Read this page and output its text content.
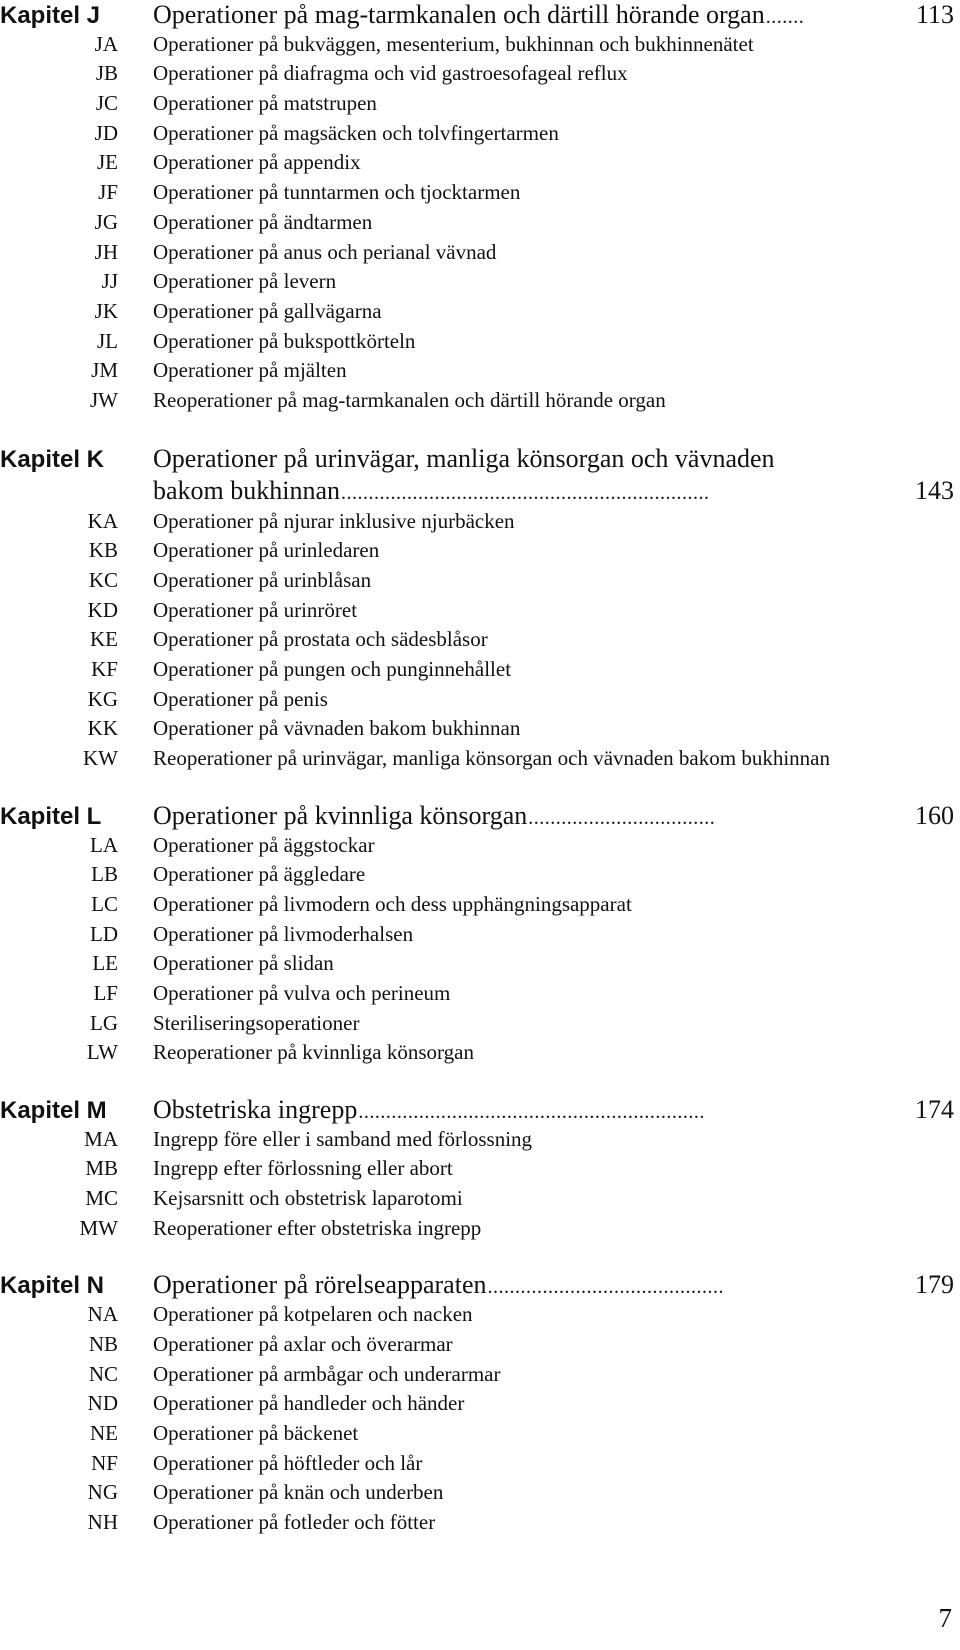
Kapitel J	Operationer på mag-tarmkanalen och därtill hörande organ .......	113
JA	Operationer på bukväggen, mesenterium, bukhinnan och bukhinnenätet
JB	Operationer på diafragma och vid gastroesofageal reflux
JC	Operationer på matstrupen
JD	Operationer på magsäcken och tolvfingertarmen
JE	Operationer på appendix
JF	Operationer på tunntarmen och tjocktarmen
JG	Operationer på ändtarmen
JH	Operationer på anus och perianal vävnad
JJ	Operationer på levern
JK	Operationer på gallvägarna
JL	Operationer på bukspottkörteln
JM	Operationer på mjälten
JW	Reoperationer på mag-tarmkanalen och därtill hörande organ
Kapitel K	Operationer på urinvägar, manliga könsorgan och vävnaden
bakom bukhinnan ...................................................................	143
KA	Operationer på njurar inklusive njurbäcken
KB	Operationer på urinledaren
KC	Operationer på urinblåsan
KD	Operationer på urinröret
KE	Operationer på prostata och sädesblåsor
KF	Operationer på pungen och punginnehållet
KG	Operationer på penis
KK	Operationer på vävnaden bakom bukhinnan
KW	Reoperationer på urinvägar, manliga könsorgan och vävnaden bakom bukhinnan
Kapitel L	Operationer på kvinnliga könsorgan ..................................	160
LA	Operationer på äggstockar
LB	Operationer på äggledare
LC	Operationer på livmodern och dess upphängningsapparat
LD	Operationer på livmoderhalsen
LE	Operationer på slidan
LF	Operationer på vulva och perineum
LG	Steriliseringsoperationer
LW	Reoperationer på kvinnliga könsorgan
Kapitel M	Obstetriska ingrepp ...............................................................	174
MA	Ingrepp före eller i samband med förlossning
MB	Ingrepp efter förlossning eller abort
MC	Kejsarsnitt och obstetrisk laparotomi
MW	Reoperationer efter obstetriska ingrepp
Kapitel N	Operationer på rörelseapparaten ...........................................	179
NA	Operationer på kotpelaren och nacken
NB	Operationer på axlar och överarmar
NC	Operationer på armbågar och underarmar
ND	Operationer på handleder och händer
NE	Operationer på bäckenet
NF	Operationer på höftleder och lår
NG	Operationer på knän och underben
NH	Operationer på fotleder och fötter
7
